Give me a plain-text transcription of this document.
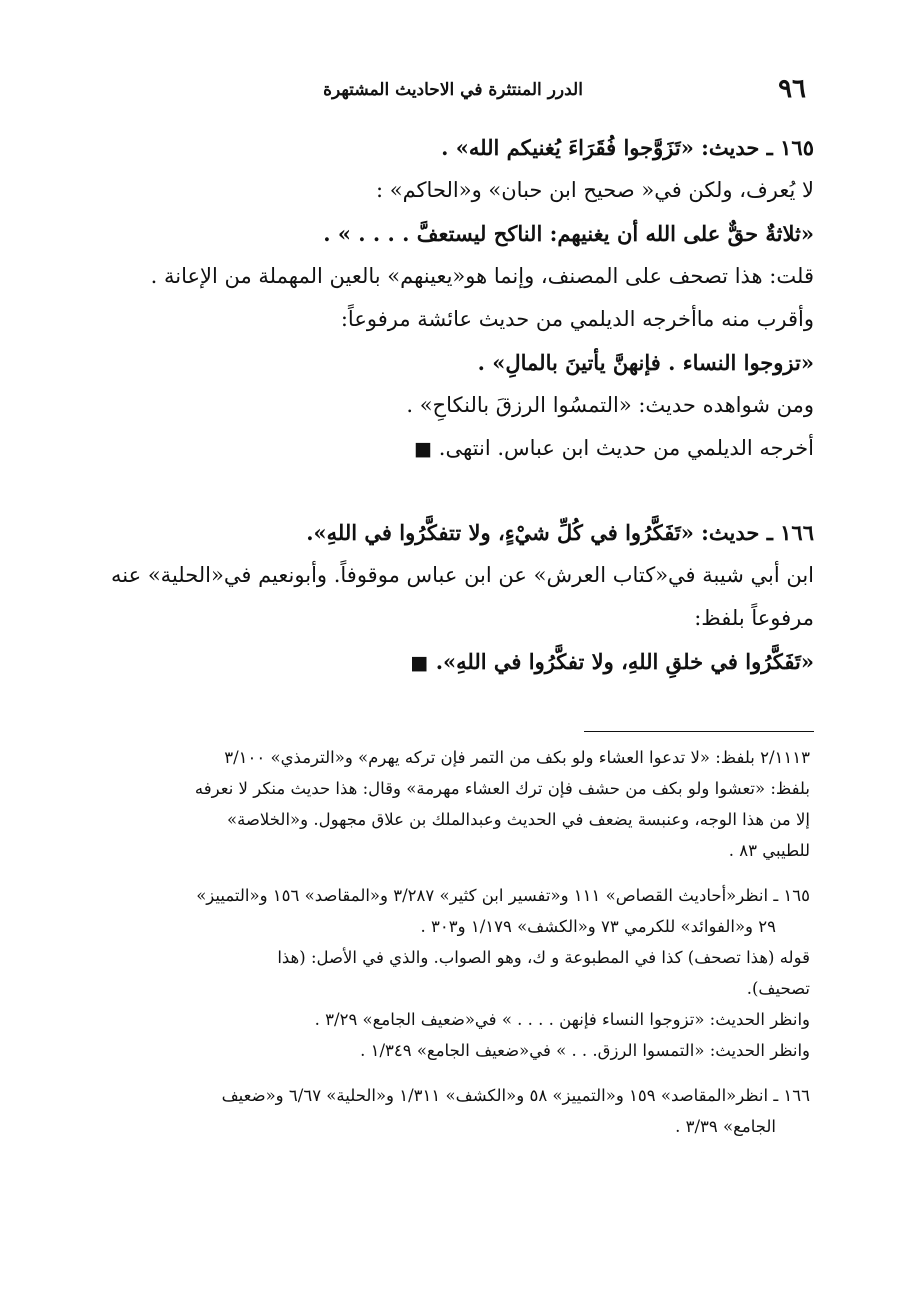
٩٦
الدرر المنتثرة في الاحاديث المشتهرة

١٦٥ ـ حديث: «تَزَوَّجوا فُقَرَاءَ يُغنيكم الله» .

لا يُعرف، ولكن في« صحيح ابن حبان» و«الحاكم» :

«ثلاثةٌ حقٌّ على الله أن يغنيهم: الناكح ليستعفَّ . . . . » .

قلت: هذا تصحف على المصنف، وإنما هو«يعينهم» بالعين المهملة من الإعانة .

وأقرب منه ماأخرجه الديلمي من حديث عائشة مرفوعاً:

«تزوجوا النساء . فإنهنَّ يأتينَ بالمالِ» .

ومن شواهده حديث: «التمسُوا الرزقَ بالنكاحِ» .

أخرجه الديلمي من حديث ابن عباس. انتهى. ■

١٦٦ ـ حديث: «تَفَكَّرُوا في كُلِّ شيْءٍ، ولا تتفكَّرُوا في اللهِ».

ابن أبي شيبة في«كتاب العرش» عن ابن عباس موقوفاً. وأبونعيم في«الحلية» عنه

مرفوعاً بلفظ:

«تَفَكَّرُوا في خلقِ اللهِ، ولا تفكَّرُوا في اللهِ». ■

٢/١١١٣ بلفظ: «لا تدعوا العشاء ولو بكف من التمر فإن تركه يهرم» و«الترمذي» ٣/١٠٠

بلفظ: «تعشوا ولو بكف من حشف فإن ترك العشاء مهرمة» وقال: هذا حديث منكر لا نعرفه

إلا من هذا الوجه، وعنبسة يضعف في الحديث وعبدالملك بن علاق مجهول. و«الخلاصة»

للطيبي ٨٣ .

١٦٥ ـ انظر«أحاديث القصاص» ١١١ و«تفسير ابن كثير» ٣/٢٨٧ و«المقاصد» ١٥٦ و«التمييز»

٢٩ و«الفوائد» للكرمي ٧٣ و«الكشف» ١/١٧٩ و٣٠٣ .

قوله (هذا تصحف) كذا في المطبوعة و ك، وهو الصواب. والذي في الأصل: (هذا

تصحيف).

وانظر الحديث: «تزوجوا النساء فإنهن . . . . » في«ضعيف الجامع» ٣/٢٩ .

وانظر الحديث: «التمسوا الرزق. . . » في«ضعيف الجامع» ١/٣٤٩ .

١٦٦ ـ انظر«المقاصد» ١٥٩ و«التمييز» ٥٨ و«الكشف» ١/٣١١ و«الحلية» ٦/٦٧ و«ضعيف

الجامع» ٣/٣٩ .
